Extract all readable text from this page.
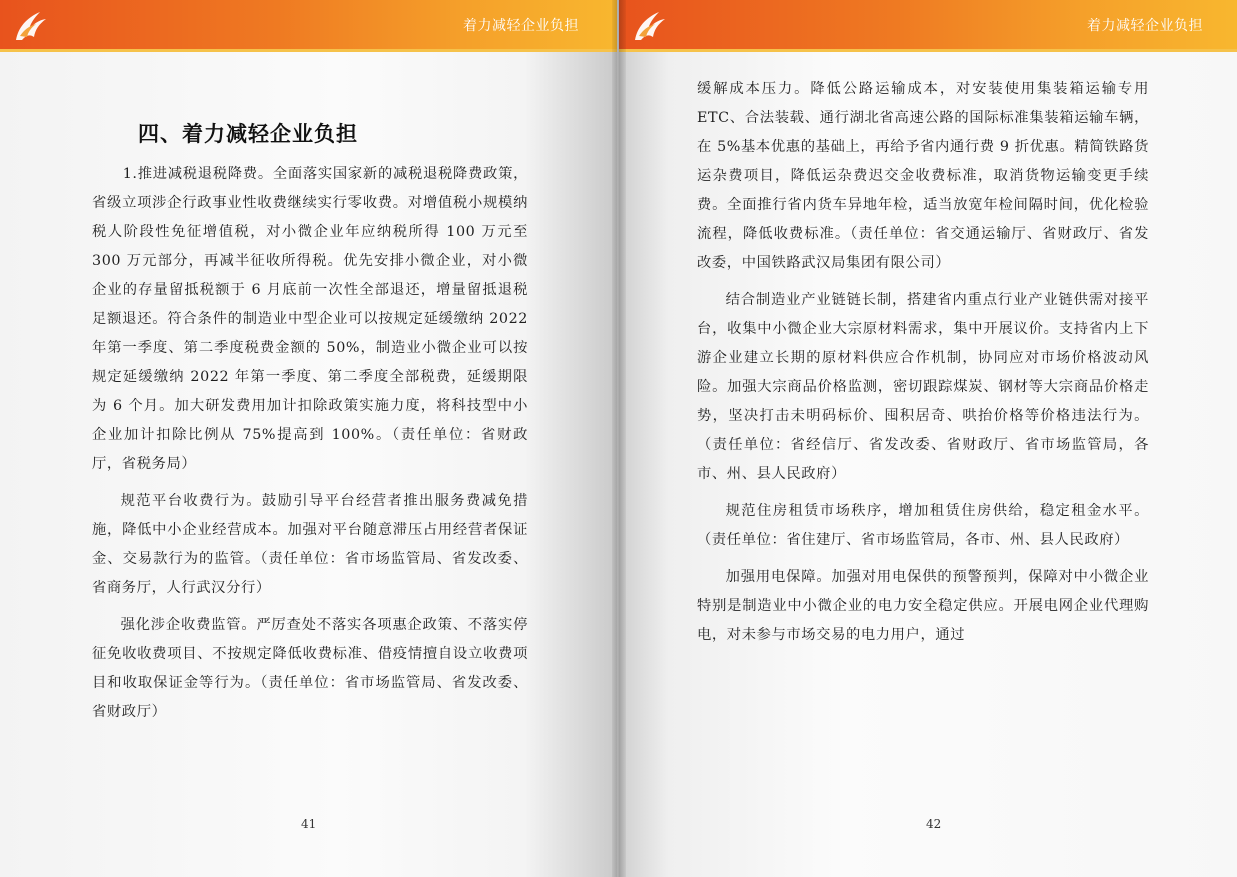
着力减轻企业负担
四、着力减轻企业负担

1.推进减税退税降费。全面落实国家新的减税退税降费政策，省级立项涉企行政事业性收费继续实行零收费。对增值税小规模纳税人阶段性免征增值税，对小微企业年应纳税所得 100 万元至 300 万元部分，再减半征收所得税。优先安排小微企业，对小微企业的存量留抵税额于 6 月底前一次性全部退还，增量留抵退税足额退还。符合条件的制造业中型企业可以按规定延缓缴纳 2022 年第一季度、第二季度税费金额的 50%，制造业小微企业可以按规定延缓缴纳 2022 年第一季度、第二季度全部税费，延缓期限为 6 个月。加大研发费用加计扣除政策实施力度，将科技型中小企业加计扣除比例从 75%提高到 100%。（责任单位：省财政厅，省税务局）

规范平台收费行为。鼓励引导平台经营者推出服务费减免措施，降低中小企业经营成本。加强对平台随意滞压占用经营者保证金、交易款行为的监管。（责任单位：省市场监管局、省发改委、省商务厅，人行武汉分行）

强化涉企收费监管。严厉查处不落实各项惠企政策、不落实停征免收收费项目、不按规定降低收费标准、借疫情擅自设立收费项目和收取保证金等行为。（责任单位：省市场监管局、省发改委、省财政厅）

41
着力减轻企业负担

缓解成本压力。降低公路运输成本，对安装使用集装箱运输专用 ETC、合法装载、通行湖北省高速公路的国际标准集装箱运输车辆，在 5%基本优惠的基础上，再给予省内通行费 9 折优惠。精简铁路货运杂费项目，降低运杂费迟交金收费标准，取消货物运输变更手续费。全面推行省内货车异地年检，适当放宽年检间隔时间，优化检验流程，降低收费标准。（责任单位：省交通运输厅、省财政厅、省发改委，中国铁路武汉局集团有限公司）

结合制造业产业链链长制，搭建省内重点行业产业链供需对接平台，收集中小微企业大宗原材料需求，集中开展议价。支持省内上下游企业建立长期的原材料供应合作机制，协同应对市场价格波动风险。加强大宗商品价格监测，密切跟踪煤炭、钢材等大宗商品价格走势，坚决打击未明码标价、囤积居奇、哄抬价格等价格违法行为。（责任单位：省经信厅、省发改委、省财政厅、省市场监管局，各市、州、县人民政府）

规范住房租赁市场秩序，增加租赁住房供给，稳定租金水平。（责任单位：省住建厅、省市场监管局，各市、州、县人民政府）

加强用电保障。加强对用电保供的预警预判，保障对中小微企业特别是制造业中小微企业的电力安全稳定供应。开展电网企业代理购电，对未参与市场交易的电力用户，通过

42
